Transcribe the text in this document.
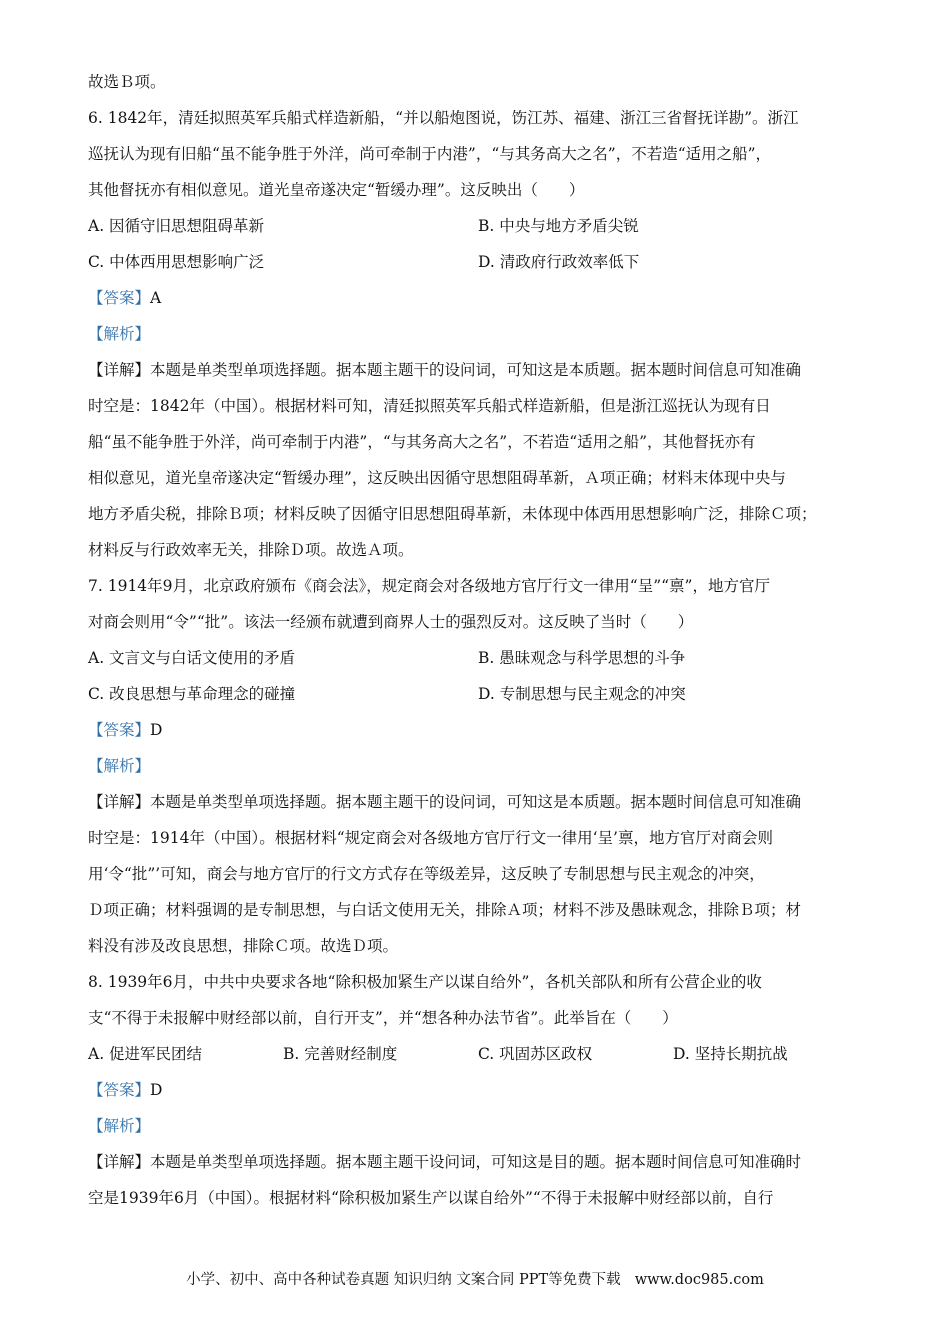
故选Ｂ项。
6. 1842年，清廷拟照英军兵船式样造新船，“并以船炮图说，饬江苏、福建、浙江三省督抚详勘”。浙江
巡抚认为现有旧船“虽不能争胜于外洋，尚可牵制于内港”，“与其务高大之名”，不若造“适用之船”，
其他督抚亦有相似意见。道光皇帝遂决定“暂缓办理”。这反映出（　　）
A. 因循守旧思想阻碍革新	B. 中央与地方矛盾尖锐
C. 中体西用思想影响广泛	D. 清政府行政效率低下
【答案】A
【解析】
【详解】本题是单类型单项选择题。据本题主题干的设问词，可知这是本质题。据本题时间信息可知准确
时空是：1842年（中国）。根据材料可知，清廷拟照英军兵船式样造新船，但是浙江巡抚认为现有日
船“虽不能争胜于外洋，尚可牵制于内港”，“与其务高大之名”，不若造“适用之船”，其他督抚亦有
相似意见，道光皇帝遂决定“暂缓办理”，这反映出因循守思想阻碍革新，Ａ项正确；材料末体现中央与
地方矛盾尖税，排除Ｂ项；材料反映了因循守旧思想阻碍革新，未体现中体西用思想影响广泛，排除Ｃ项；
材料反与行政效率无关，排除Ｄ项。故选Ａ项。
7. 1914年9月，北京政府颁布《商会法》，规定商会对各级地方官厅行文一律用“呈”“禀”，地方官厅
对商会则用“令”“批”。该法一经颁布就遭到商界人士的强烈反对。这反映了当时（　　）
A. 文言文与白话文使用的矛盾	B. 愚昧观念与科学思想的斗争
C. 改良思想与革命理念的碰撞	D. 专制思想与民主观念的冲突
【答案】D
【解析】
【详解】本题是单类型单项选择题。据本题主题干的设问词，可知这是本质题。据本题时间信息可知准确
时空是：1914年（中国）。根据材料“规定商会对各级地方官厅行文一律用‘呈’禀，地方官厅对商会则
用‘令“批”’可知，商会与地方官厅的行文方式存在等级差异，这反映了专制思想与民主观念的冲突，
Ｄ项正确；材料强调的是专制思想，与白话文使用无关，排除Ａ项；材料不涉及愚昧观念，排除Ｂ项；材
料没有涉及改良思想，排除Ｃ项。故选Ｄ项。
8. 1939年6月，中共中央要求各地“除积极加紧生产以谋自给外”，各机关部队和所有公营企业的收
支“不得于未报解中财经部以前，自行开支”，并“想各种办法节省”。此举旨在（　　）
A. 促进军民团结	B. 完善财经制度	C. 巩固苏区政权	D. 坚持长期抗战
【答案】D
【解析】
【详解】本题是单类型单项选择题。据本题主题干设问词，可知这是目的题。据本题时间信息可知准确时
空是1939年6月（中国）。根据材料“除积极加紧生产以谋自给外”“不得于未报解中财经部以前，自行
小学、初中、高中各种试卷真题 知识归纳 文案合同 PPT等免费下载 www.doc985.com
